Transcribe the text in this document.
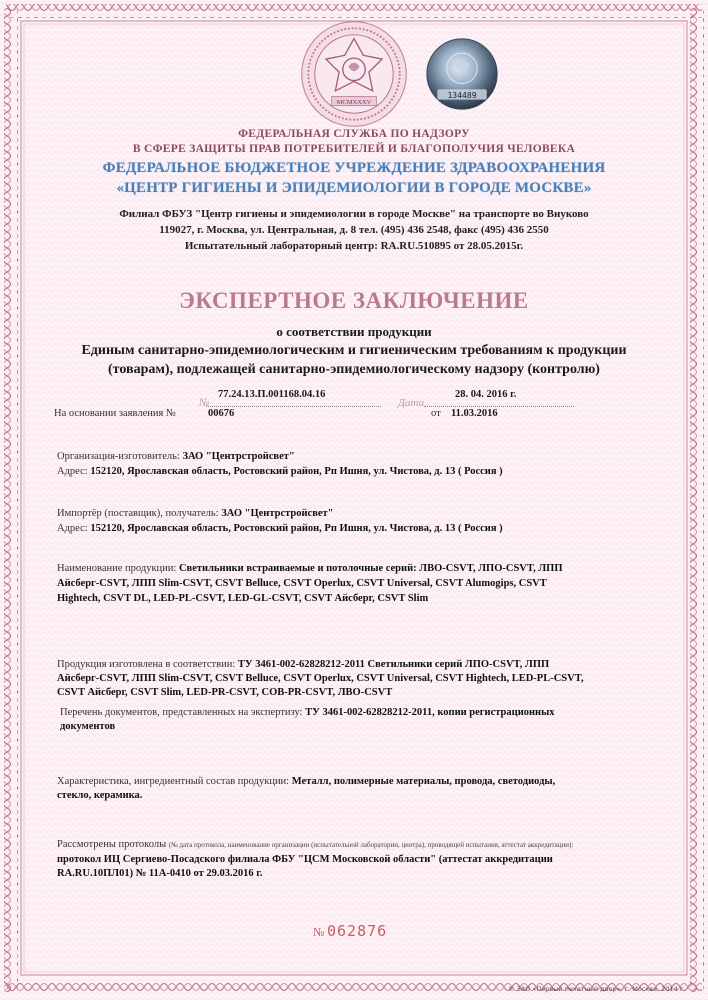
MCMXXXV
134489

ФЕДЕРАЛЬНАЯ СЛУЖБА ПО НАДЗОРУ

В СФЕРЕ ЗАЩИТЫ ПРАВ ПОТРЕБИТЕЛЕЙ И БЛАГОПОЛУЧИЯ ЧЕЛОВЕКА

ФЕДЕРАЛЬНОЕ БЮДЖЕТНОЕ УЧРЕЖДЕНИЕ ЗДРАВООХРАНЕНИЯ

«ЦЕНТР ГИГИЕНЫ И ЭПИДЕМИОЛОГИИ В ГОРОДЕ МОСКВЕ»

Филиал ФБУЗ "Центр гигиены и эпидемиологии в городе Москве" на транспорте во Внуково

119027, г. Москва, ул. Центральная, д. 8 тел. (495) 436 2548, факс (495) 436 2550

Испытательный лабораторный центр: RA.RU.510895 от 28.05.2015г.

ЭКСПЕРТНОЕ ЗАКЛЮЧЕНИЕ

о соответствии продукции

Единым санитарно-эпидемиологическим и гигиеническим требованиям к продукции

(товарам), подлежащей санитарно-эпидемиологическому надзору (контролю)

77.24.13.П.001168.04.16	28. 04. 2016 г.

№	Дата

На основании заявления №	00676	от 11.03.2016

Организация-изготовитель: ЗАО "Центрстройсвет"
Адрес: 152120, Ярославская область, Ростовский район, Рп Ишня, ул. Чистова, д. 13 ( Россия )
Импортёр (поставщик), получатель: ЗАО "Центрстройсвет"
Адрес: 152120, Ярославская область, Ростовский район, Рп Ишня, ул. Чистова, д. 13 ( Россия )
Наименование продукции: Светильники встраиваемые и потолочные серий: ЛВО-CSVT, ЛПО-CSVT, ЛПП
Айсберг-CSVT, ЛПП Slim-CSVT, CSVT Belluce, CSVT Operlux, CSVT Universal, CSVT Alumogips, CSVT
Hightech, CSVT DL, LED-PL-CSVT, LED-GL-CSVT, CSVT Айсберг, CSVT Slim
Продукция изготовлена в соответствии: ТУ 3461-002-62828212-2011 Светильники серий ЛПО-CSVT, ЛПП
Айсберг-CSVT, ЛПП Slim-CSVT, CSVT Belluce, CSVT Operlux, CSVT Universal, CSVT Hightech, LED-PL-CSVT,
CSVT Айсберг, CSVT Slim, LED-PR-CSVT, COB-PR-CSVT, ЛВО-CSVT
Перечень документов, представленных на экспертизу: ТУ 3461-002-62828212-2011, копии регистрационных
документов
Характеристика, ингредиентный состав продукции: Металл, полимерные материалы, провода, светодиоды,
стекло, керамика.
Рассмотрены протоколы (№ дата протокола, наименование организации (испытательной лаборатории, центра), проводящей испытания, аттестат аккредитации):
протокол ИЦ Сергиево-Посадского филиала ФБУ "ЦСМ Московской области" (аттестат аккредитации
RA.RU.10ПЛ01) № 11А-0410 от 29.03.2016 г.

№ 062876

© ЗАО «Первый печатный двор», г. Москва, 2014 г.
